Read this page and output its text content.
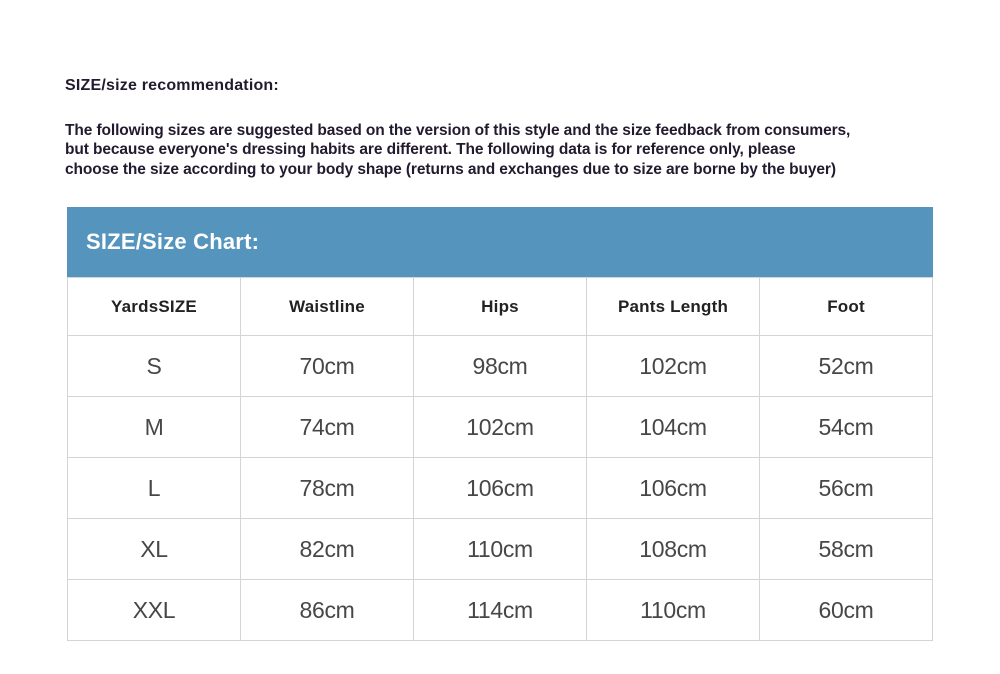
SIZE/size recommendation:
The following sizes are suggested based on the version of this style and the size feedback from consumers,
but because everyone's dressing habits are different. The following data is for reference only, please
choose the size according to your body shape (returns and exchanges due to size are borne by the buyer)
SIZE/Size Chart:
YardsSIZE	Waistline	Hips	Pants Length	Foot
S	70cm	98cm	102cm	52cm
M	74cm	102cm	104cm	54cm
L	78cm	106cm	106cm	56cm
XL	82cm	110cm	108cm	58cm
XXL	86cm	114cm	110cm	60cm
